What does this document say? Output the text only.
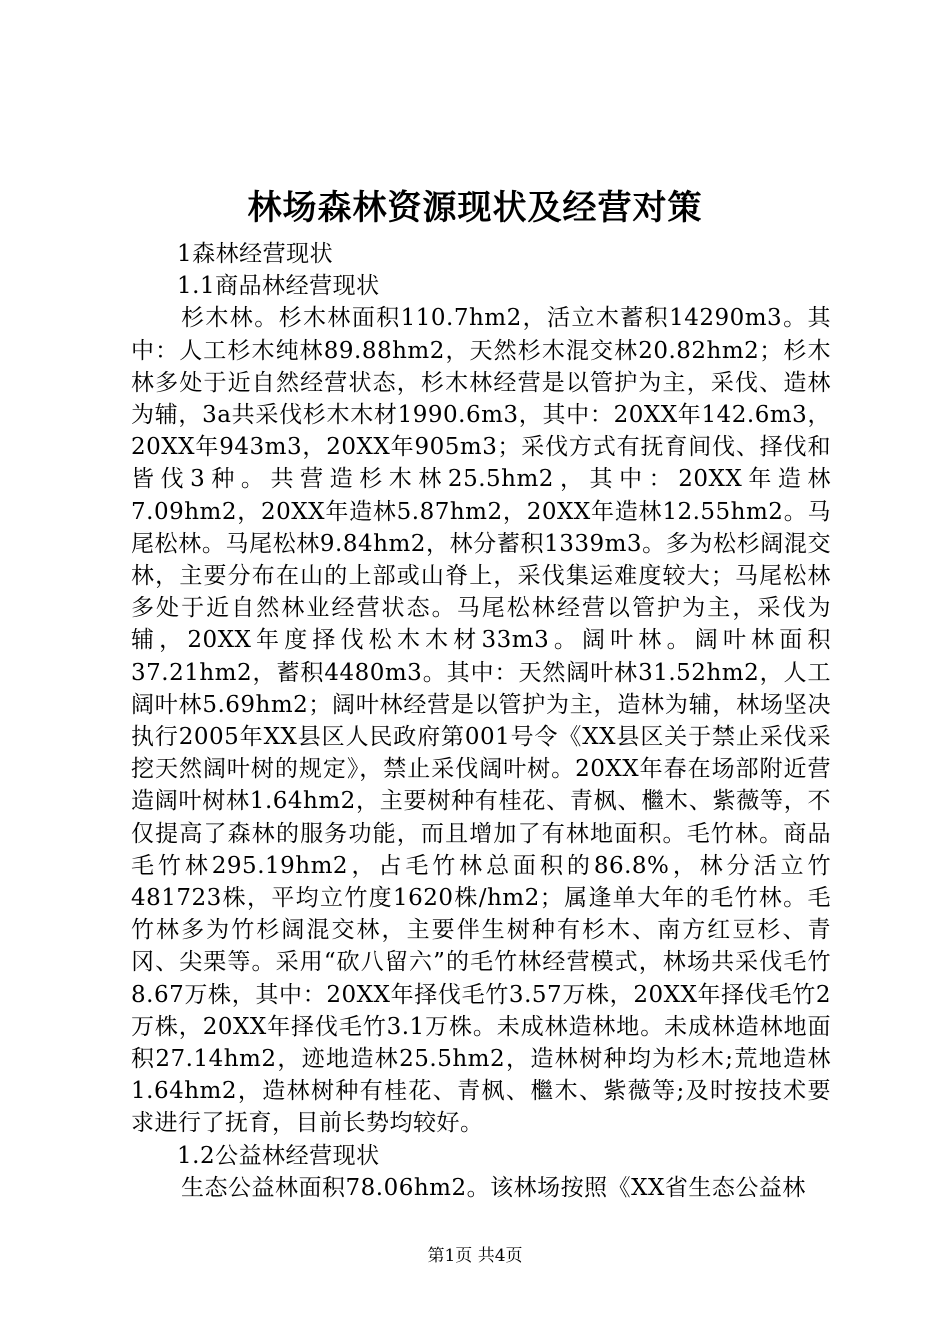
林场森林资源现状及经营对策

1森林经营现状

1.1商品林经营现状

杉木林。杉木林面积110.7hm2，活立木蓄积14290m3。其中：人工杉木纯林89.88hm2，天然杉木混交林20.82hm2；杉木林多处于近自然经营状态，杉木林经营是以管护为主，采伐、造林为辅，3a共采伐杉木木材1990.6m3，其中：20XX年142.6m3，20XX年943m3，20XX年905m3；采伐方式有抚育间伐、择伐和皆伐3种。共营造杉木林25.5hm2，其中：20XX年造林7.09hm2，20XX年造林5.87hm2，20XX年造林12.55hm2。马尾松林。马尾松林9.84hm2，林分蓄积1339m3。多为松杉阔混交林，主要分布在山的上部或山脊上，采伐集运难度较大；马尾松林多处于近自然林业经营状态。马尾松林经营以管护为主，采伐为辅，20XX年度择伐松木木材33m3。阔叶林。阔叶林面积37.21hm2，蓄积4480m3。其中：天然阔叶林31.52hm2，人工阔叶林5.69hm2；阔叶林经营是以管护为主，造林为辅，林场坚决执行2005年XX县区人民政府第001号令《XX县区关于禁止采伐采挖天然阔叶树的规定》，禁止采伐阔叶树。20XX年春在场部附近营造阔叶树林1.64hm2，主要树种有桂花、青枫、檵木、紫薇等，不仅提高了森林的服务功能，而且增加了有林地面积。毛竹林。商品毛竹林295.19hm2，占毛竹林总面积的86.8%，林分活立竹481723株，平均立竹度1620株/hm2；属逢单大年的毛竹林。毛竹林多为竹杉阔混交林，主要伴生树种有杉木、南方红豆杉、青冈、尖栗等。采用“砍八留六”的毛竹林经营模式，林场共采伐毛竹8.67万株，其中：20XX年择伐毛竹3.57万株，20XX年择伐毛竹2万株，20XX年择伐毛竹3.1万株。未成林造林地。未成林造林地面积27.14hm2，迹地造林25.5hm2，造林树种均为杉木;荒地造林1.64hm2，造林树种有桂花、青枫、檵木、紫薇等;及时按技术要求进行了抚育，目前长势均较好。

1.2公益林经营现状

生态公益林面积78.06hm2。该林场按照《XX省生态公益林

第1页 共4页
